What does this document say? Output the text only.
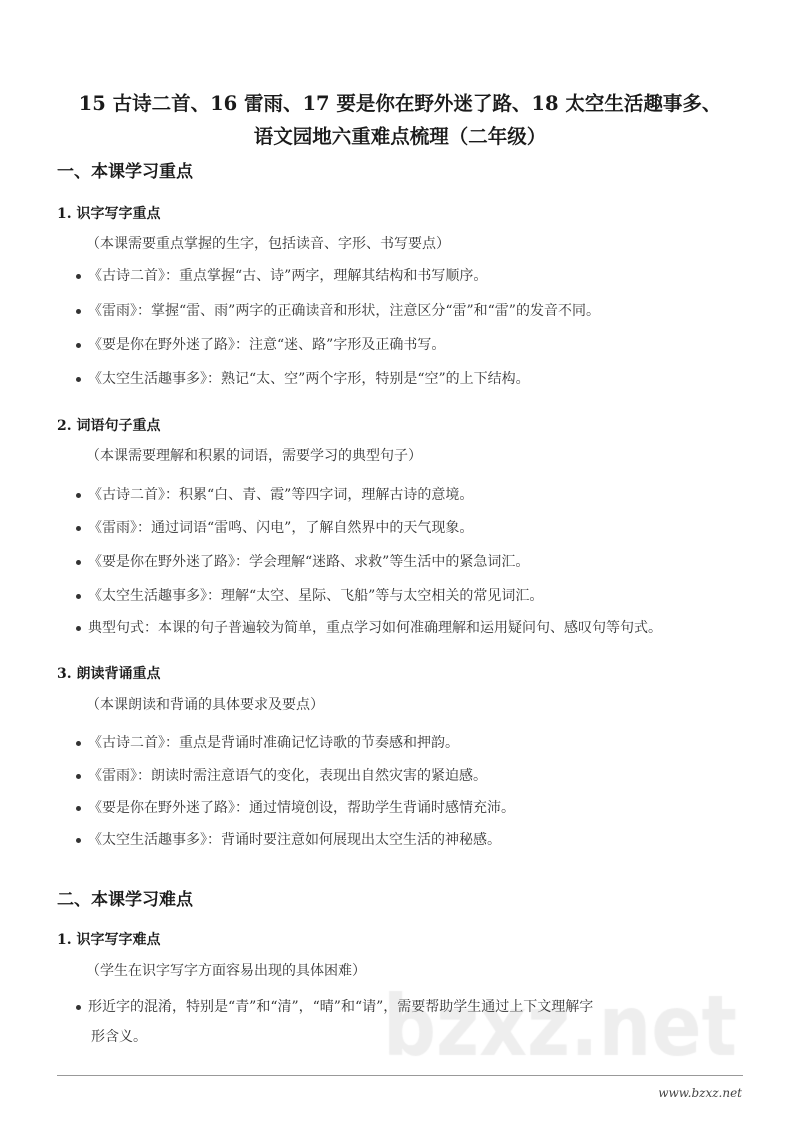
15 古诗二首、16 雷雨、17 要是你在野外迷了路、18 太空生活趣事多、
语文园地六重难点梳理（二年级）
一、本课学习重点
1. 识字写字重点
（本课需要重点掌握的生字，包括读音、字形、书写要点）
《古诗二首》：重点掌握“古、诗”两字，理解其结构和书写顺序。
《雷雨》：掌握“雷、雨”两字的正确读音和形状，注意区分“雷”和“雷”的发音不同。
《要是你在野外迷了路》：注意“迷、路”字形及正确书写。
《太空生活趣事多》：熟记“太、空”两个字形，特别是“空”的上下结构。
2. 词语句子重点
（本课需要理解和积累的词语，需要学习的典型句子）
《古诗二首》：积累“白、青、霞”等四字词，理解古诗的意境。
《雷雨》：通过词语“雷鸣、闪电”，了解自然界中的天气现象。
《要是你在野外迷了路》：学会理解“迷路、求救”等生活中的紧急词汇。
《太空生活趣事多》：理解“太空、星际、飞船”等与太空相关的常见词汇。
典型句式：本课的句子普遍较为简单，重点学习如何准确理解和运用疑问句、感叹句等句式。
3. 朗读背诵重点
（本课朗读和背诵的具体要求及要点）
《古诗二首》：重点是背诵时准确记忆诗歌的节奏感和押韵。
《雷雨》：朗读时需注意语气的变化，表现出自然灾害的紧迫感。
《要是你在野外迷了路》：通过情境创设，帮助学生背诵时感情充沛。
《太空生活趣事多》：背诵时要注意如何展现出太空生活的神秘感。
二、本课学习难点
1. 识字写字难点
（学生在识字写字方面容易出现的具体困难）
形近字的混淆，特别是“青”和“清”，“晴”和“请”，需要帮助学生通过上下文理解字
形含义。
www.bzxz.net
